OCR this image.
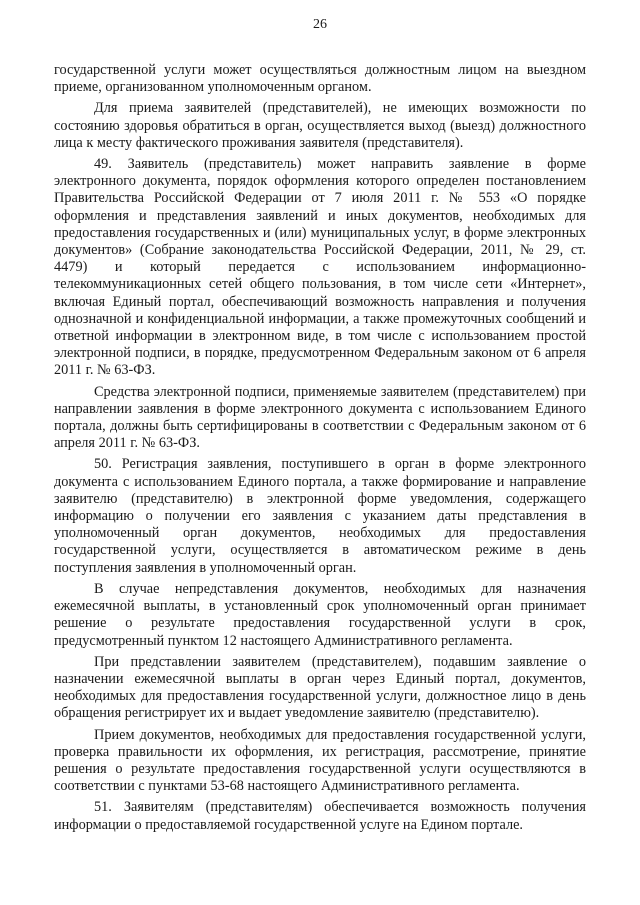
26

государственной услуги может осуществляться должностным лицом на выездном приеме, организованном уполномоченным органом.

Для приема заявителей (представителей), не имеющих возможности по состоянию здоровья обратиться в орган, осуществляется выход (выезд) должностного лица к месту фактического проживания заявителя (представителя).

49. Заявитель (представитель) может направить заявление в форме электронного документа, порядок оформления которого определен постановлением Правительства Российской Федерации от 7 июля 2011 г. № 553 «О порядке оформления и представления заявлений и иных документов, необходимых для предоставления государственных и (или) муниципальных услуг, в форме электронных документов» (Собрание законодательства Российской Федерации, 2011, № 29, ст. 4479) и который передается с использованием информационно-телекоммуникационных сетей общего пользования, в том числе сети «Интернет», включая Единый портал, обеспечивающий возможность направления и получения однозначной и конфиденциальной информации, а также промежуточных сообщений и ответной информации в электронном виде, в том числе с использованием простой электронной подписи, в порядке, предусмотренном Федеральным законом от 6 апреля 2011 г. № 63-ФЗ.

Средства электронной подписи, применяемые заявителем (представителем) при направлении заявления в форме электронного документа с использованием Единого портала, должны быть сертифицированы в соответствии с Федеральным законом от 6 апреля 2011 г. № 63-ФЗ.

50. Регистрация заявления, поступившего в орган в форме электронного документа с использованием Единого портала, а также формирование и направление заявителю (представителю) в электронной форме уведомления, содержащего информацию о получении его заявления с указанием даты представления в уполномоченный орган документов, необходимых для предоставления государственной услуги, осуществляется в автоматическом режиме в день поступления заявления в уполномоченный орган.

В случае непредставления документов, необходимых для назначения ежемесячной выплаты, в установленный срок уполномоченный орган принимает решение о результате предоставления государственной услуги в срок, предусмотренный пунктом 12 настоящего Административного регламента.

При представлении заявителем (представителем), подавшим заявление о назначении ежемесячной выплаты в орган через Единый портал, документов, необходимых для предоставления государственной услуги, должностное лицо в день обращения регистрирует их и выдает уведомление заявителю (представителю).

Прием документов, необходимых для предоставления государственной услуги, проверка правильности их оформления, их регистрация, рассмотрение, принятие решения о результате предоставления государственной услуги осуществляются в соответствии с пунктами 53-68 настоящего Административного регламента.

51. Заявителям (представителям) обеспечивается возможность получения информации о предоставляемой государственной услуге на Едином портале.
